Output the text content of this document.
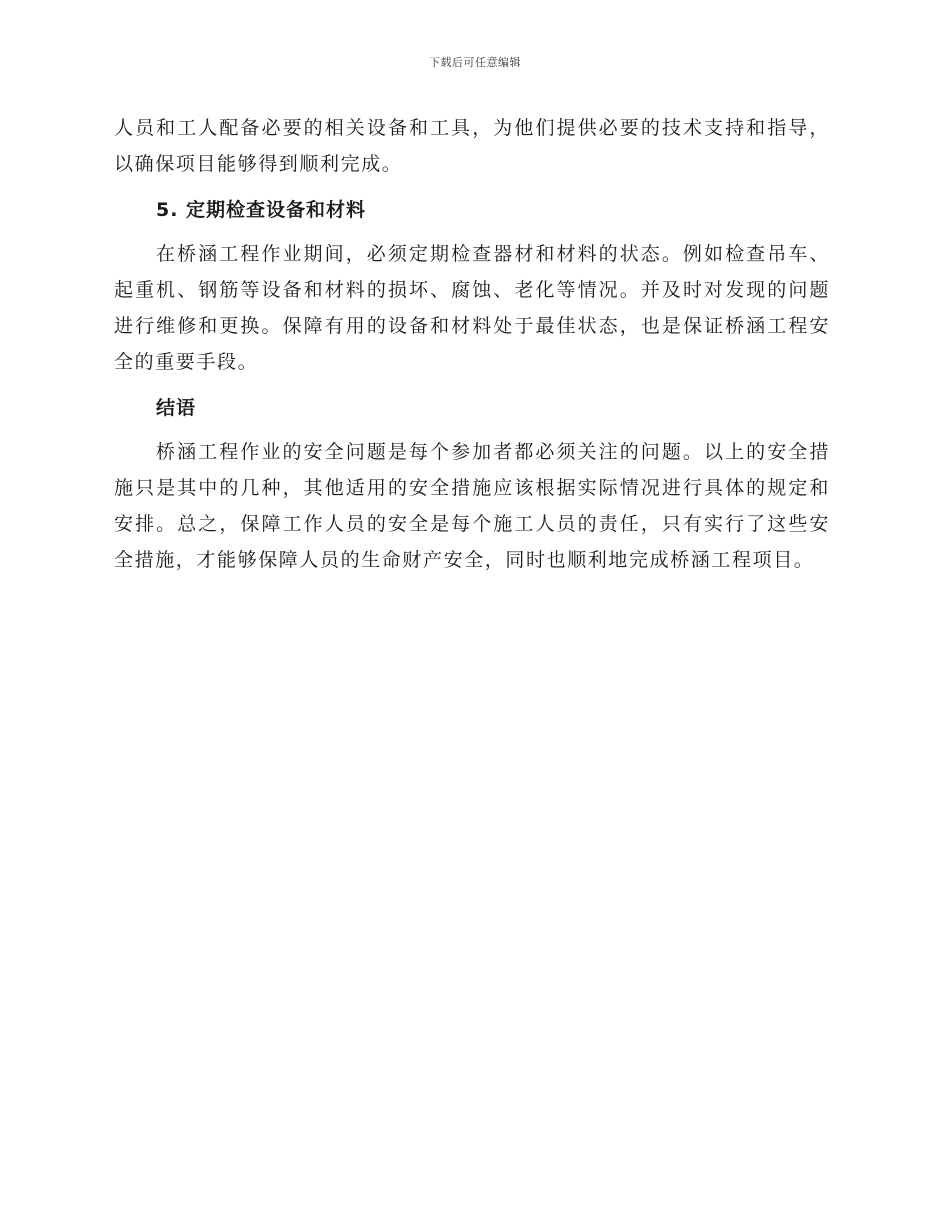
下载后可任意编辑

人员和工人配备必要的相关设备和工具，为他们提供必要的技术支持和指导，以确保项目能够得到顺利完成。

5. 定期检查设备和材料

在桥涵工程作业期间，必须定期检查器材和材料的状态。例如检查吊车、起重机、钢筋等设备和材料的损坏、腐蚀、老化等情况。并及时对发现的问题进行维修和更换。保障有用的设备和材料处于最佳状态，也是保证桥涵工程安全的重要手段。

结语

桥涵工程作业的安全问题是每个参加者都必须关注的问题。以上的安全措施只是其中的几种，其他适用的安全措施应该根据实际情况进行具体的规定和安排。总之，保障工作人员的安全是每个施工人员的责任，只有实行了这些安全措施，才能够保障人员的生命财产安全，同时也顺利地完成桥涵工程项目。
